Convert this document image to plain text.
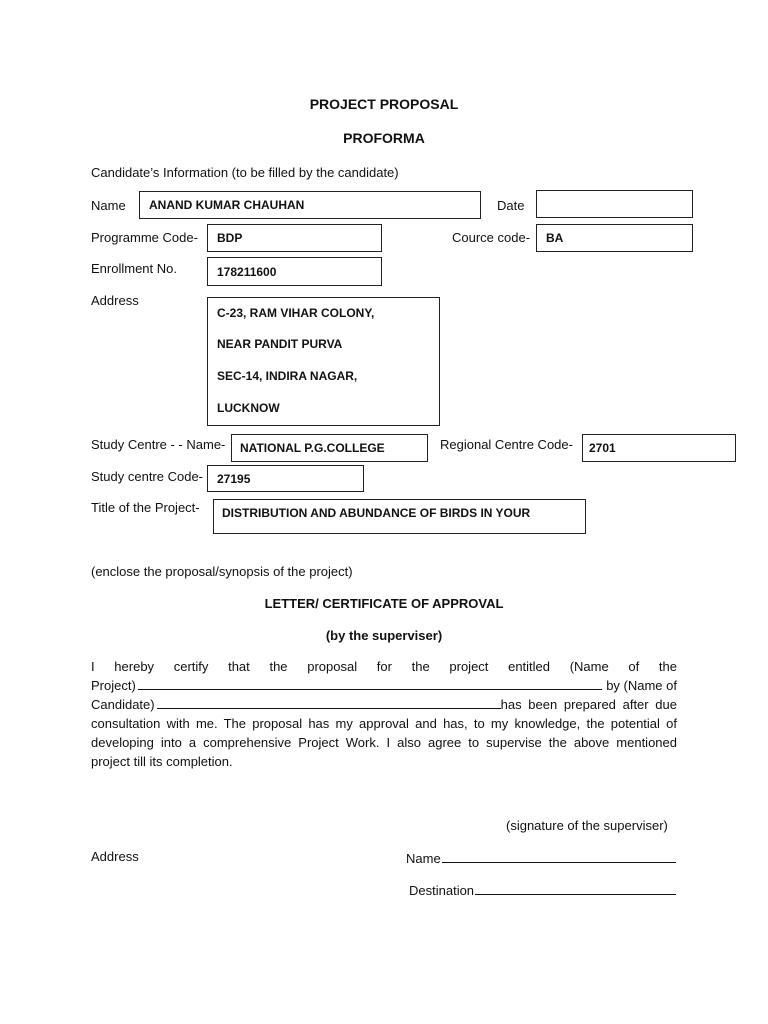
PROJECT PROPOSAL
PROFORMA
Candidate’s Information (to be filled by the candidate)
Name ANAND KUMAR CHAUHAN	Date
Programme Code- BDP	Cource code- BA
Enrollment No.	178211600
Address
C-23, RAM VIHAR COLONY,
NEAR PANDIT PURVA
SEC-14, INDIRA NAGAR,
LUCKNOW
Study Centre - - Name- NATIONAL P.G.COLLEGE	Regional Centre Code- 2701
Study centre Code- 27195
Title of the Project- DISTRIBUTION AND ABUNDANCE OF BIRDS IN YOUR
(enclose the proposal/synopsis of the project)
LETTER/ CERTIFICATE OF APPROVAL
(by the superviser)
I hereby certify that the proposal for the project entitled (Name of the
Project)	by (Name of
Candidate)	has been prepared after due
consultation with me. The proposal has my approval and has, to my knowledge, the potential of
developing into a comprehensive Project Work. I also agree to supervise the above mentioned
project till its completion.
(signature of the superviser)
Address	Name
Destination
